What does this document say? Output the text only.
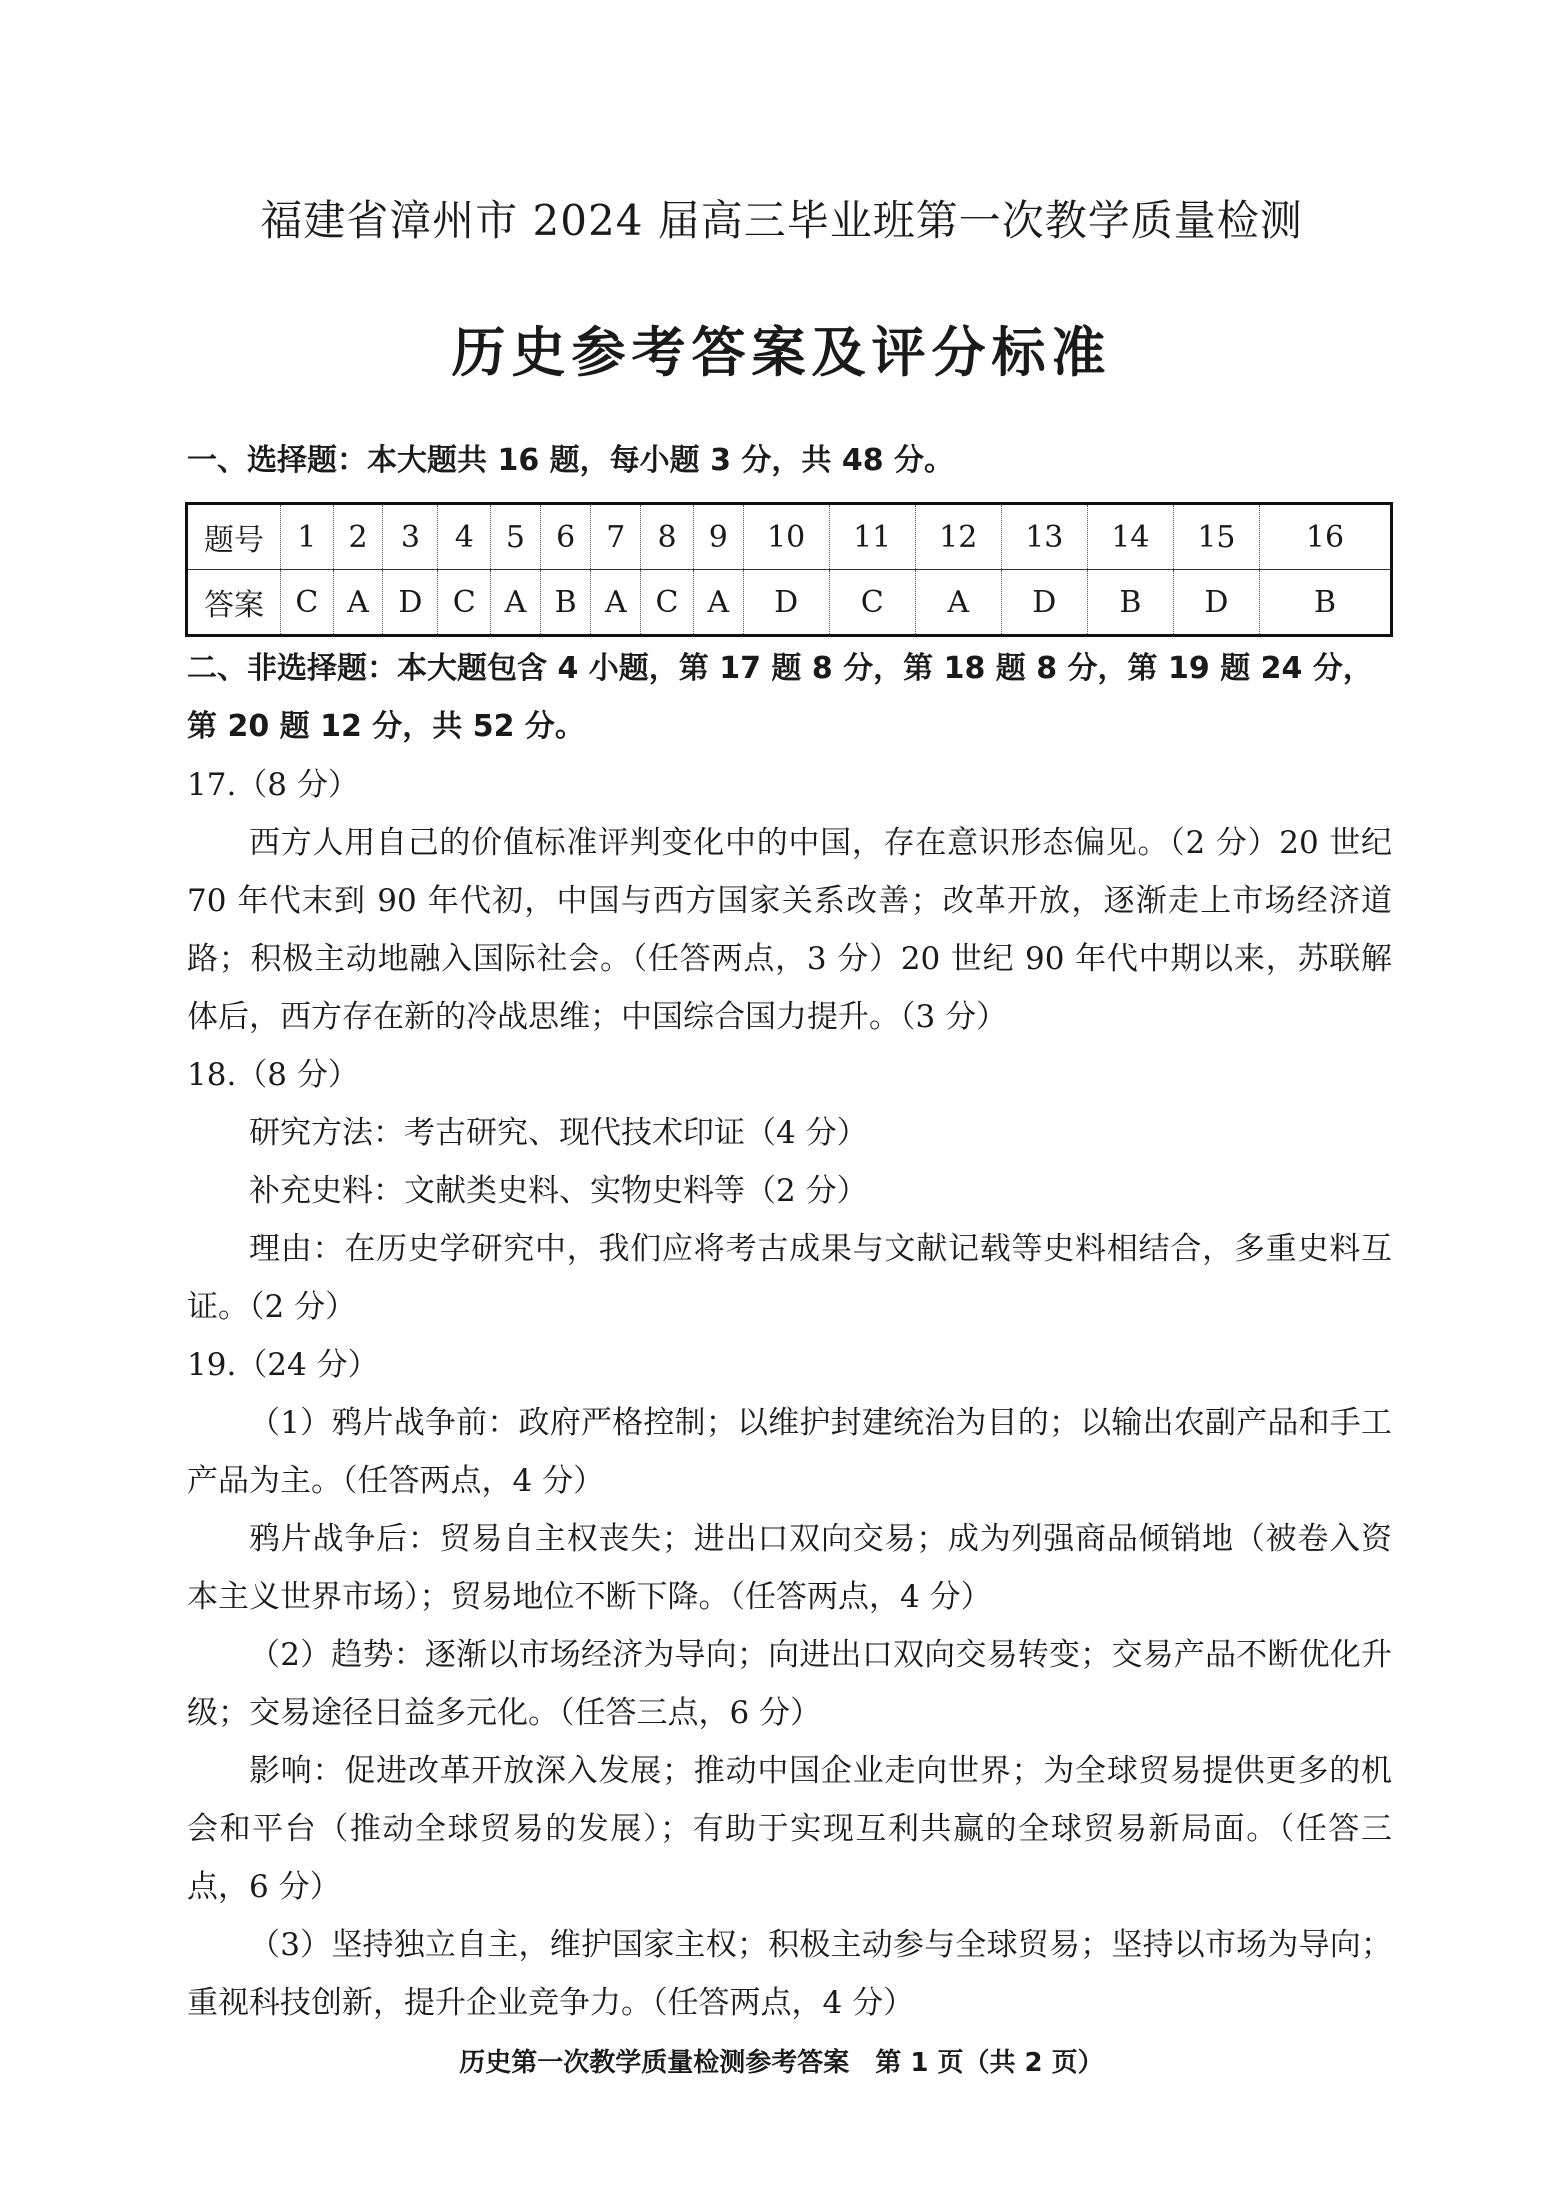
福建省漳州市 2024 届高三毕业班第一次教学质量检测
历史参考答案及评分标准
一、选择题：本大题共 16 题，每小题 3 分，共 48 分。
题号	1	2	3	4	5	6	7	8	9	10	11	12	13	14	15	16
答案	C	A	D	C	A	B	A	C	A	D	C	A	D	B	D	B
二、非选择题：本大题包含 4 小题，第 17 题 8 分，第 18 题 8 分，第 19 题 24 分，第 20 题 12 分，共 52 分。

17.（8 分）

西方人用自己的价值标准评判变化中的中国，存在意识形态偏见。（2 分）20 世纪 70 年代末到 90 年代初，中国与西方国家关系改善；改革开放，逐渐走上市场经济道路；积极主动地融入国际社会。（任答两点，3 分）20 世纪 90 年代中期以来，苏联解体后，西方存在新的冷战思维；中国综合国力提升。（3 分）

18.（8 分）

研究方法：考古研究、现代技术印证（4 分）

补充史料：文献类史料、实物史料等（2 分）

理由：在历史学研究中，我们应将考古成果与文献记载等史料相结合，多重史料互证。（2 分）

19.（24 分）

（1）鸦片战争前：政府严格控制；以维护封建统治为目的；以输出农副产品和手工产品为主。（任答两点，4 分）

鸦片战争后：贸易自主权丧失；进出口双向交易；成为列强商品倾销地（被卷入资本主义世界市场）；贸易地位不断下降。（任答两点，4 分）

（2）趋势：逐渐以市场经济为导向；向进出口双向交易转变；交易产品不断优化升级；交易途径日益多元化。（任答三点，6 分）

影响：促进改革开放深入发展；推动中国企业走向世界；为全球贸易提供更多的机会和平台（推动全球贸易的发展）；有助于实现互利共赢的全球贸易新局面。（任答三点，6 分）

（3）坚持独立自主，维护国家主权；积极主动参与全球贸易；坚持以市场为导向；重视科技创新，提升企业竞争力。（任答两点，4 分）

历史第一次教学质量检测参考答案　第 1 页（共 2 页）
